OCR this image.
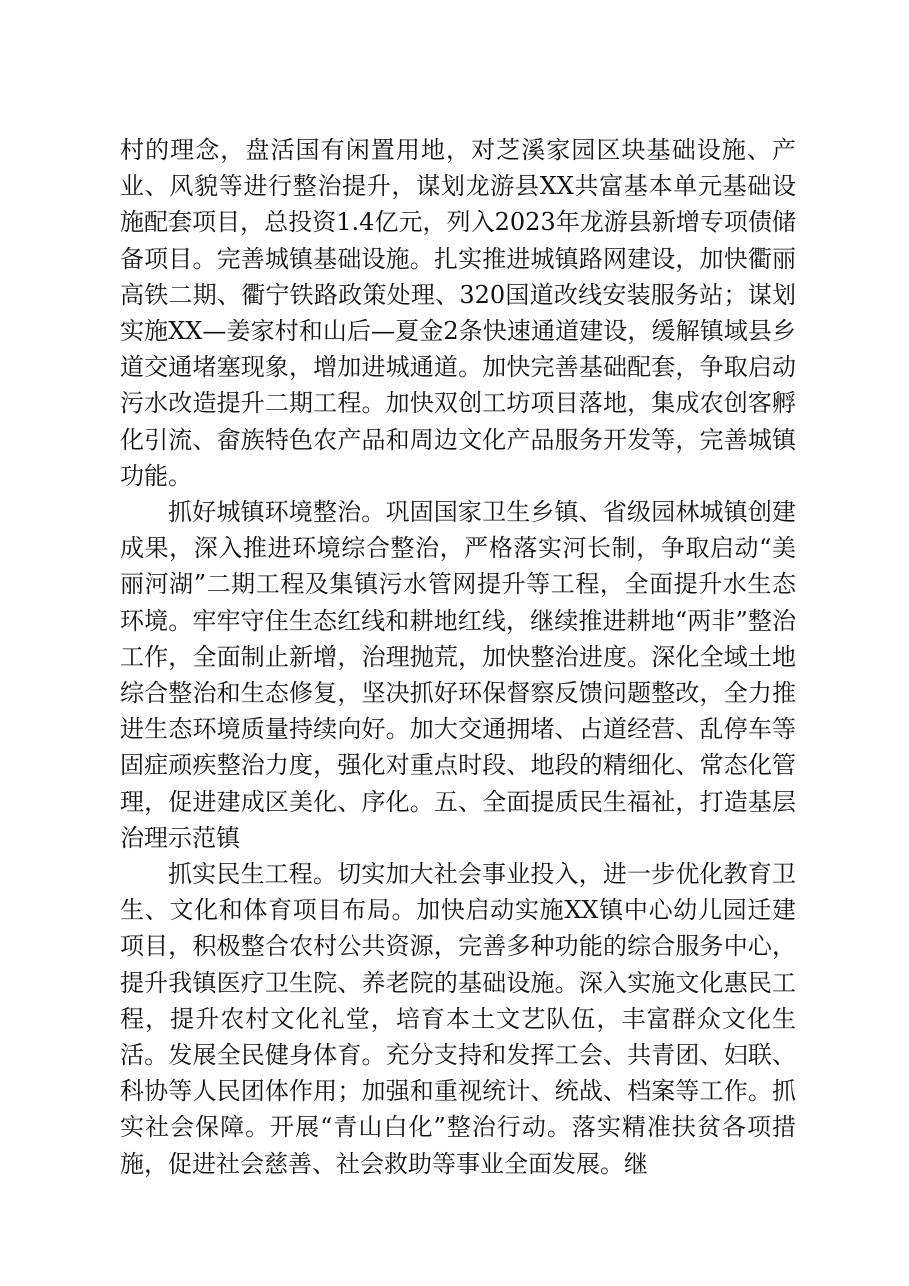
村的理念，盘活国有闲置用地，对芝溪家园区块基础设施、产业、风貌等进行整治提升，谋划龙游县XX共富基本单元基础设施配套项目，总投资1.4亿元，列入2023年龙游县新增专项债储备项目。完善城镇基础设施。扎实推进城镇路网建设，加快衢丽高铁二期、衢宁铁路政策处理、320国道改线安装服务站；谋划实施XX—姜家村和山后—夏金2条快速通道建设，缓解镇域县乡道交通堵塞现象，增加进城通道。加快完善基础配套，争取启动污水改造提升二期工程。加快双创工坊项目落地，集成农创客孵化引流、畲族特色农产品和周边文化产品服务开发等，完善城镇功能。

抓好城镇环境整治。巩固国家卫生乡镇、省级园林城镇创建成果，深入推进环境综合整治，严格落实河长制，争取启动“美丽河湖”二期工程及集镇污水管网提升等工程，全面提升水生态环境。牢牢守住生态红线和耕地红线，继续推进耕地“两非”整治工作，全面制止新增，治理抛荒，加快整治进度。深化全域土地综合整治和生态修复，坚决抓好环保督察反馈问题整改，全力推进生态环境质量持续向好。加大交通拥堵、占道经营、乱停车等固症顽疾整治力度，强化对重点时段、地段的精细化、常态化管理，促进建成区美化、序化。五、全面提质民生福祉，打造基层治理示范镇

抓实民生工程。切实加大社会事业投入，进一步优化教育卫生、文化和体育项目布局。加快启动实施XX镇中心幼儿园迁建项目，积极整合农村公共资源，完善多种功能的综合服务中心，提升我镇医疗卫生院、养老院的基础设施。深入实施文化惠民工程，提升农村文化礼堂，培育本土文艺队伍，丰富群众文化生活。发展全民健身体育。充分支持和发挥工会、共青团、妇联、科协等人民团体作用；加强和重视统计、统战、档案等工作。抓实社会保障。开展“青山白化”整治行动。落实精准扶贫各项措施，促进社会慈善、社会救助等事业全面发展。继
